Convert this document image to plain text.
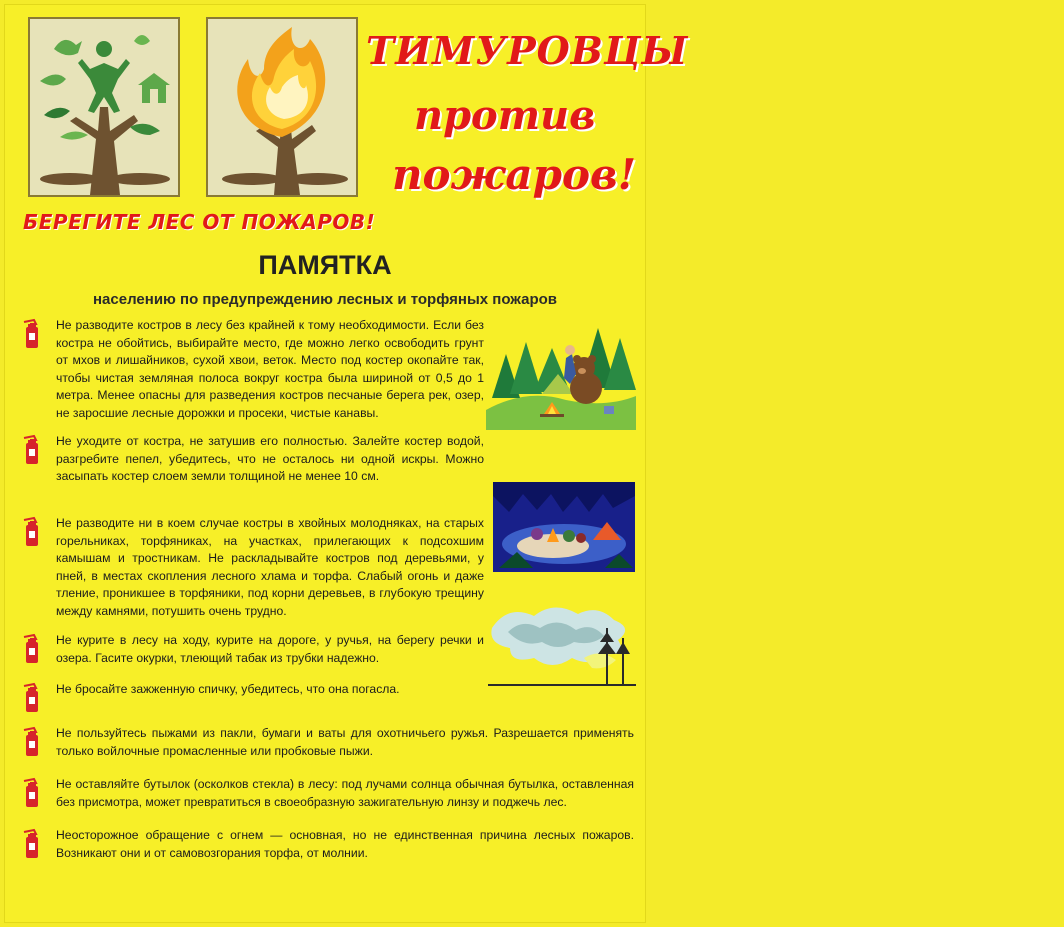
ТИМУРОВЦЫ
против
пожаров!
БЕРЕГИТЕ ЛЕС ОТ ПОЖАРОВ!
ПАМЯТКА
населению по предупреждению лесных и торфяных пожаров
Не разводите костров в лесу без крайней к тому необходимости. Если без костра не обойтись, выбирайте место, где можно легко освободить грунт от мхов и лишайников, сухой хвои, веток. Место под костер окопайте так, чтобы чистая земляная полоса вокруг костра была шириной от 0,5 до 1 метра. Менее опасны для разведения костров песчаные берега рек, озер, не заросшие лесные дорожки и просеки, чистые канавы.
Не уходите от костра, не затушив его полностью. Залейте костер водой, разгребите пепел, убедитесь, что не осталось ни одной искры. Можно засыпать костер слоем земли толщиной не менее 10 см.
Не разводите ни в коем случае костры в хвойных молодняках, на старых горельниках, торфяниках, на участках, прилегающих к подсохшим камышам и тростникам. Не раскладывайте костров под деревьями, у пней, в местах скопления лесного хлама и торфа. Слабый огонь и даже тление, проникшее в торфяники, под корни деревьев, в глубокую трещину между камнями, потушить очень трудно.
Не курите в лесу на ходу, курите на дороге, у ручья, на берегу речки и озера. Гасите окурки, тлеющий табак из трубки надежно.
Не бросайте зажженную спичку, убедитесь, что она погасла.
Не пользуйтесь пыжами из пакли, бумаги и ваты для охотничьего ружья. Разрешается применять только войлочные промасленные или пробковые пыжи.
Не оставляйте бутылок (осколков стекла) в лесу: под лучами солнца обычная бутылка, оставленная без присмотра, может превратиться в своеобразную зажигательную линзу и поджечь лес.
Неосторожное обращение с огнем — основная, но не единственная причина лесных пожаров. Возникают они и от самовозгорания торфа, от молнии.
